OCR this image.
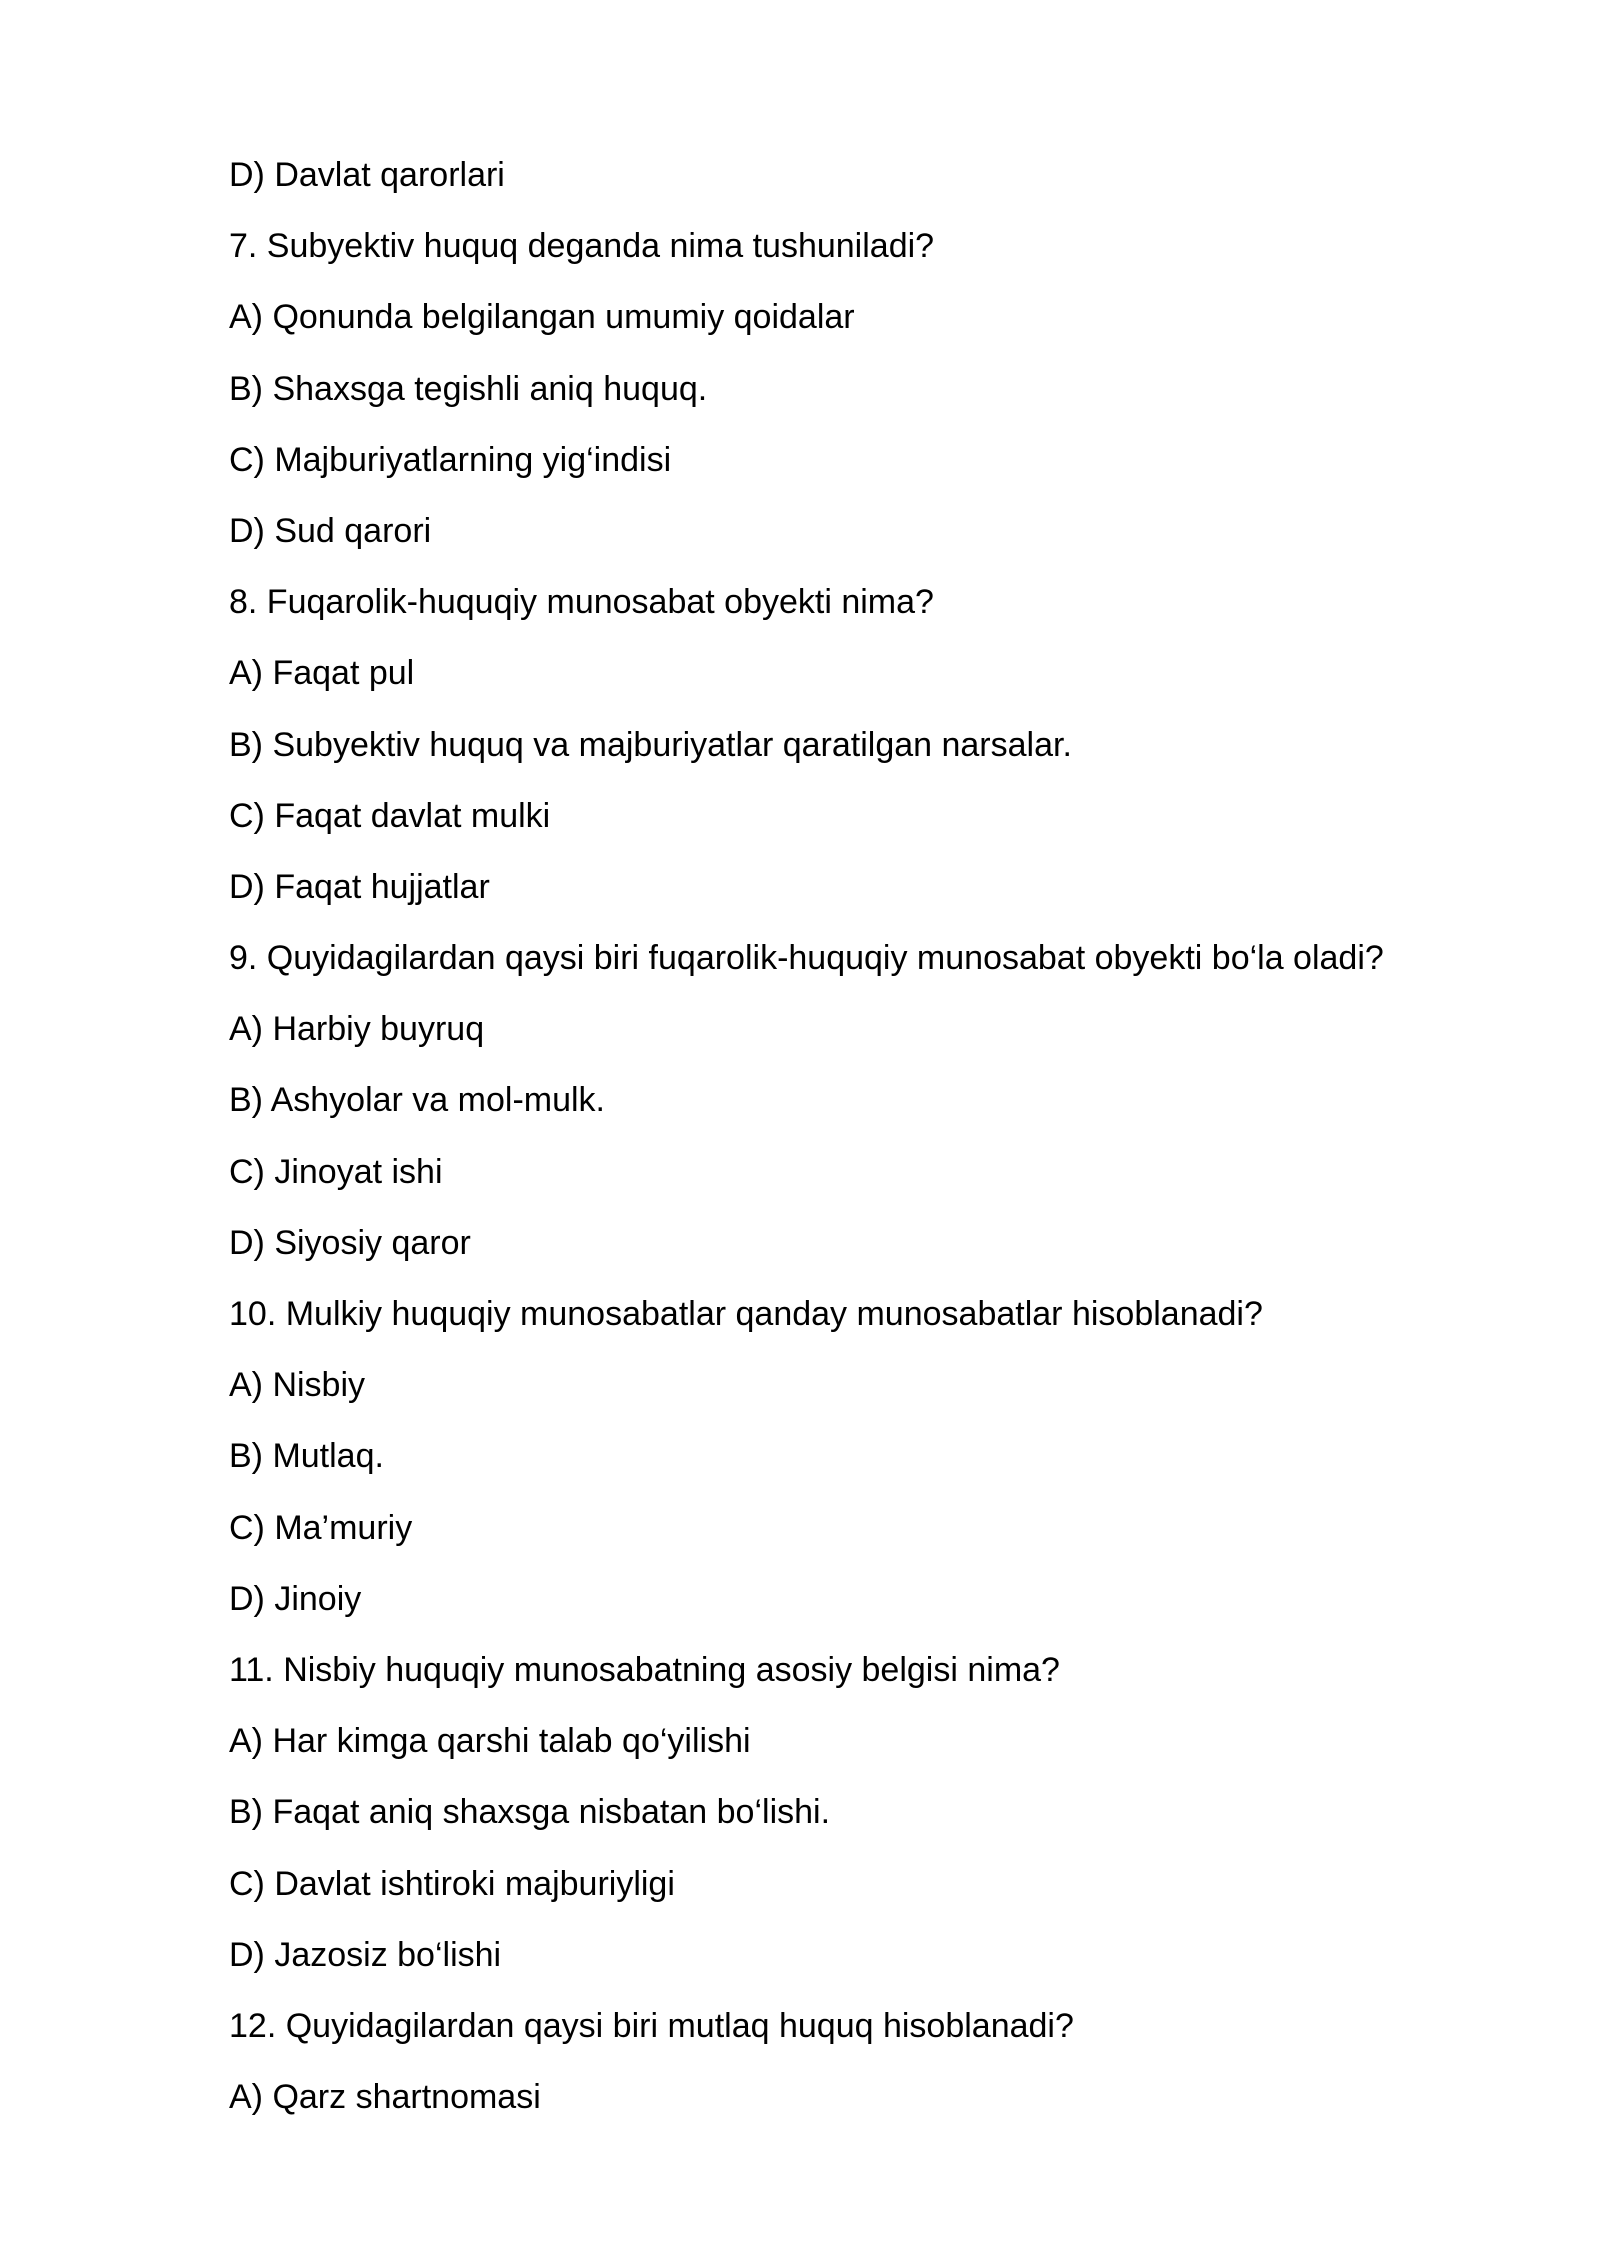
D) Davlat qarorlari
7. Subyektiv huquq deganda nima tushuniladi?
A) Qonunda belgilangan umumiy qoidalar
B) Shaxsga tegishli aniq huquq.
C) Majburiyatlarning yig‘indisi
D) Sud qarori
8. Fuqarolik-huquqiy munosabat obyekti nima?
A) Faqat pul
B) Subyektiv huquq va majburiyatlar qaratilgan narsalar.
C) Faqat davlat mulki
D) Faqat hujjatlar
9. Quyidagilardan qaysi biri fuqarolik-huquqiy munosabat obyekti bo‘la oladi?
A) Harbiy buyruq
B) Ashyolar va mol-mulk.
C) Jinoyat ishi
D) Siyosiy qaror
10. Mulkiy huquqiy munosabatlar qanday munosabatlar hisoblanadi?
A) Nisbiy
B) Mutlaq.
C) Ma’muriy
D) Jinoiy
11. Nisbiy huquqiy munosabatning asosiy belgisi nima?
A) Har kimga qarshi talab qo‘yilishi
B) Faqat aniq shaxsga nisbatan bo‘lishi.
C) Davlat ishtiroki majburiyligi
D) Jazosiz bo‘lishi
12. Quyidagilardan qaysi biri mutlaq huquq hisoblanadi?
A) Qarz shartnomasi
